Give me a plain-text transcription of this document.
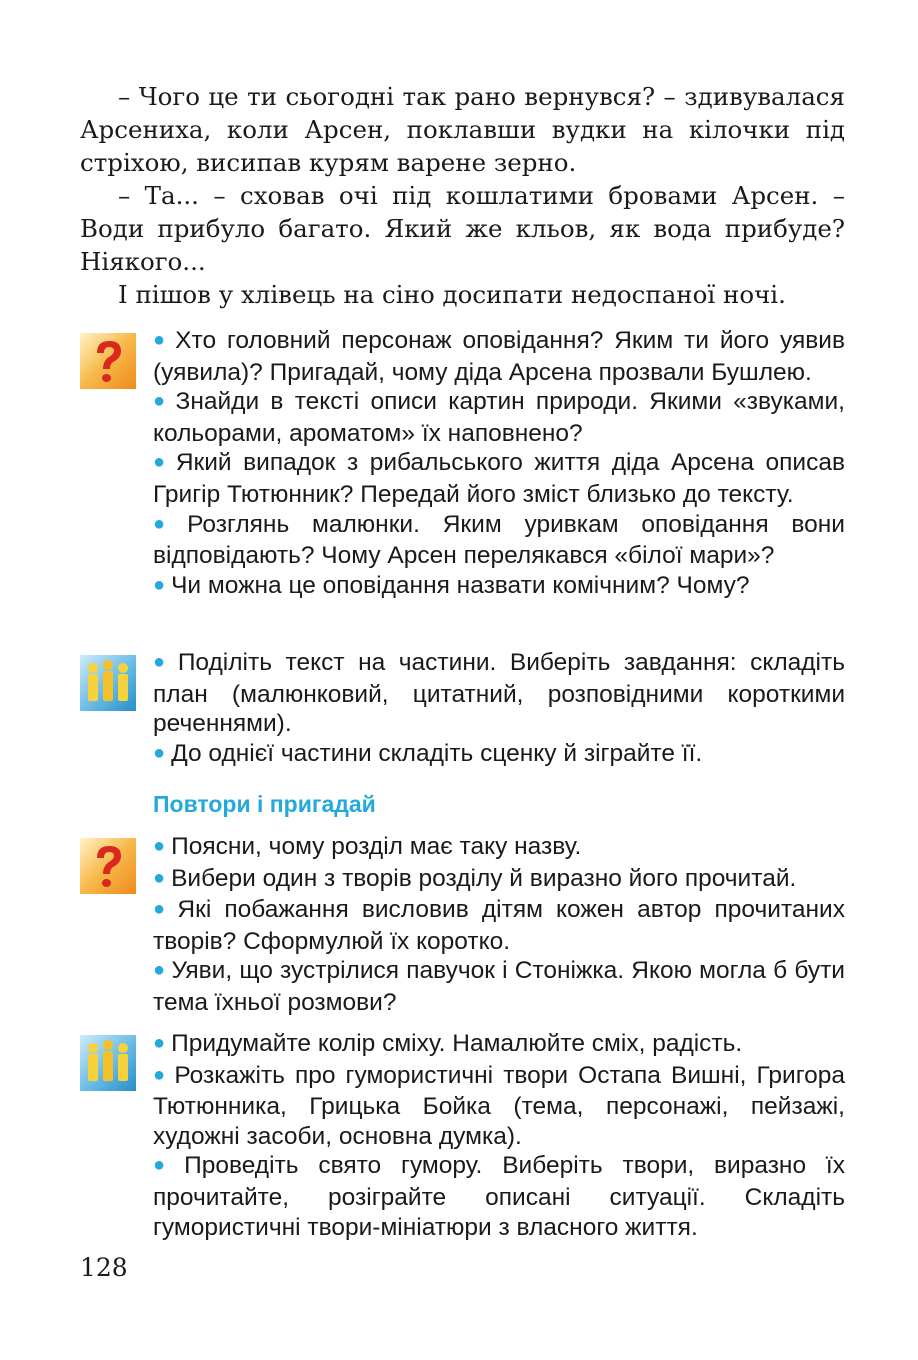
– Чого це ти сьогодні так рано вернувся? – здивувалася Арсениха, коли Арсен, поклавши вудки на кілочки під стріхою, висипав курям варене зерно.

– Та... – сховав очі під кошлатими бровами Арсен. – Води прибуло багато. Який же кльов, як вода прибуде? Ніякого...

І пішов у хлівець на сіно досипати недоспаної ночі.

● Хто головний персонаж оповідання? Яким ти його уявив (уявила)? Пригадай, чому діда Арсена прозвали Бушлею.

● Знайди в тексті описи картин природи. Якими «звуками, кольорами, ароматом» їх наповнено?

● Який випадок з рибальського життя діда Арсена описав Григір Тютюнник? Передай його зміст близько до тексту.

● Розглянь малюнки. Яким уривкам оповідання вони відповідають? Чому Арсен перелякався «білої мари»?

● Чи можна це оповідання назвати комічним? Чому?

● Поділіть текст на частини. Виберіть завдання: складіть план (малюнковий, цитатний, розповідними короткими реченнями).

● До однієї частини складіть сценку й зіграйте її.

Повтори і пригадай

● Поясни, чому розділ має таку назву.

● Вибери один з творів розділу й виразно його прочитай.

● Які побажання висловив дітям кожен автор прочитаних творів? Сформулюй їх коротко.

● Уяви, що зустрілися павучок і Стоніжка. Якою могла б бути тема їхньої розмови?

● Придумайте колір сміху. Намалюйте сміх, радість.

● Розкажіть про гумористичні твори Остапа Вишні, Григора Тютюнника, Грицька Бойка (тема, персонажі, пейзажі, художні засоби, основна думка).

● Проведіть свято гумору. Виберіть твори, виразно їх прочитайте, розіграйте описані ситуації. Складіть гумористичні твори-мініатюри з власного життя.

128
